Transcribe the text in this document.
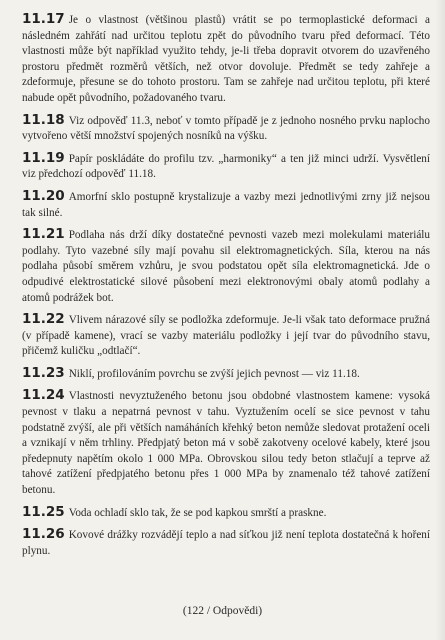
11.17 Je o vlastnost (většinou plastů) vrátit se po termoplastické deformaci a následném zahřátí nad určitou teplotu zpět do původního tvaru před deformací. Této vlastnosti může být například využito tehdy, je-li třeba dopravit otvorem do uzavřeného prostoru předmět rozměrů větších, než otvor dovoluje. Předmět se tedy zahřeje a zdeformuje, přesune se do tohoto prostoru. Tam se zahřeje nad určitou teplotu, při které nabude opět původního, požadovaného tvaru.

11.18 Viz odpověď 11.3, neboť v tomto případě je z jednoho nosného prvku naplocho vytvořeno větší množství spojených nosníků na výšku.

11.19 Papír poskládáte do profilu tzv. „harmoniky“ a ten již minci udrží. Vysvětlení viz předchozí odpověď 11.18.

11.20 Amorfní sklo postupně krystalizuje a vazby mezi jednotlivými zrny již nejsou tak silné.

11.21 Podlaha nás drží díky dostatečné pevnosti vazeb mezi molekulami materiálu podlahy. Tyto vazebné síly mají povahu sil elektromagnetických. Síla, kterou na nás podlaha působí směrem vzhůru, je svou podstatou opět síla elektromagnetická. Jde o odpudivé elektrostatické silové působení mezi elektronovými obaly atomů podlahy a atomů podrážek bot.

11.22 Vlivem nárazové síly se podložka zdeformuje. Je-li však tato deformace pružná (v případě kamene), vrací se vazby materiálu podložky i její tvar do původního stavu, přičemž kuličku „odtlačí“.

11.23 Niklí, profilováním povrchu se zvýší jejich pevnost — viz 11.18.

11.24 Vlastnosti nevyztuženého betonu jsou obdobné vlastnostem kamene: vysoká pevnost v tlaku a nepatrná pevnost v tahu. Vyztužením ocelí se sice pevnost v tahu podstatně zvýší, ale při větších namáháních křehký beton nemůže sledovat protažení oceli a vznikají v něm trhliny. Předpjatý beton má v sobě zakotveny ocelové kabely, které jsou předepnuty napětím okolo 1 000 MPa. Obrovskou silou tedy beton stlačují a teprve až tahové zatížení předpjatého betonu přes 1 000 MPa by znamenalo též tahové zatížení betonu.

11.25 Voda ochladí sklo tak, že se pod kapkou smrští a praskne.

11.26 Kovové drážky rozvádějí teplo a nad síťkou již není teplota dostatečná k hoření plynu.

(122 / Odpovědi)
